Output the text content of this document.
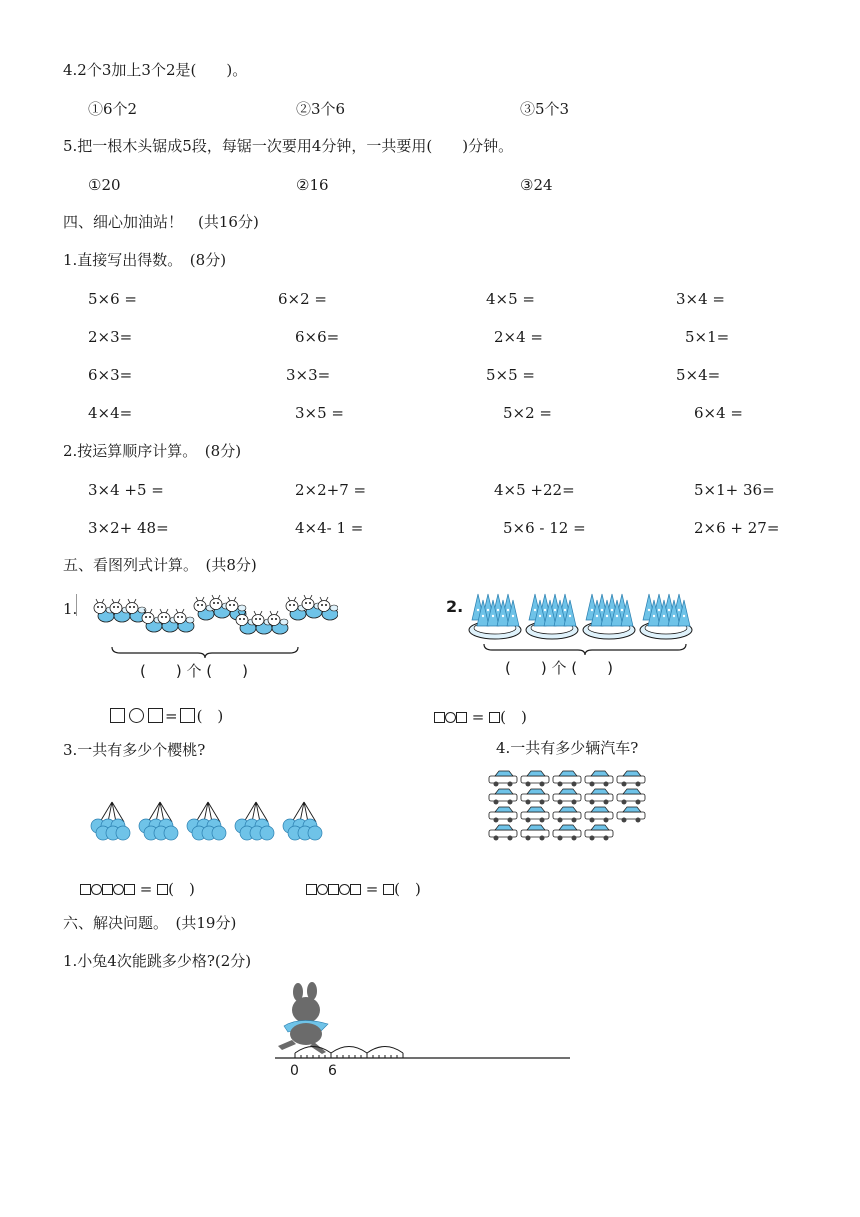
4.2个3加上3个2是(　　)。
①6个2	②3个6	③5个3
5.把一根木头锯成5段，每锯一次要用4分钟，一共要用(　　)分钟。
①20	②16	③24
四、细心加油站！　(共16分)
1.直接写出得数。　(8分)
5×6 =	6×2 =	4×5 =	3×4 =
2×3=	6×6=	2×4 =	5×1=
6×3=	3×3=	5×5 =	5×4=
4×4=	3×5 =	5×2 =	6×4 =
2.按运算顺序计算。　(8分)
3×4 +5 =	2×2+7 =	4×5 +22=	5×1+ 36=
3×2+ 48=	4×4- 1 =	5×6 - 12 =	2×6 + 27=
五、看图列式计算。　(共8分)
1.
(　　) 个 (　　)
= (　)
2.
(　　) 个 (　　)
= (　)
3.一共有多少个樱桃?	4.一共有多少辆汽车?
= (　)	= (　)
六、解决问题。　(共19分)
1.小兔4次能跳多少格?(2分)
0 6
